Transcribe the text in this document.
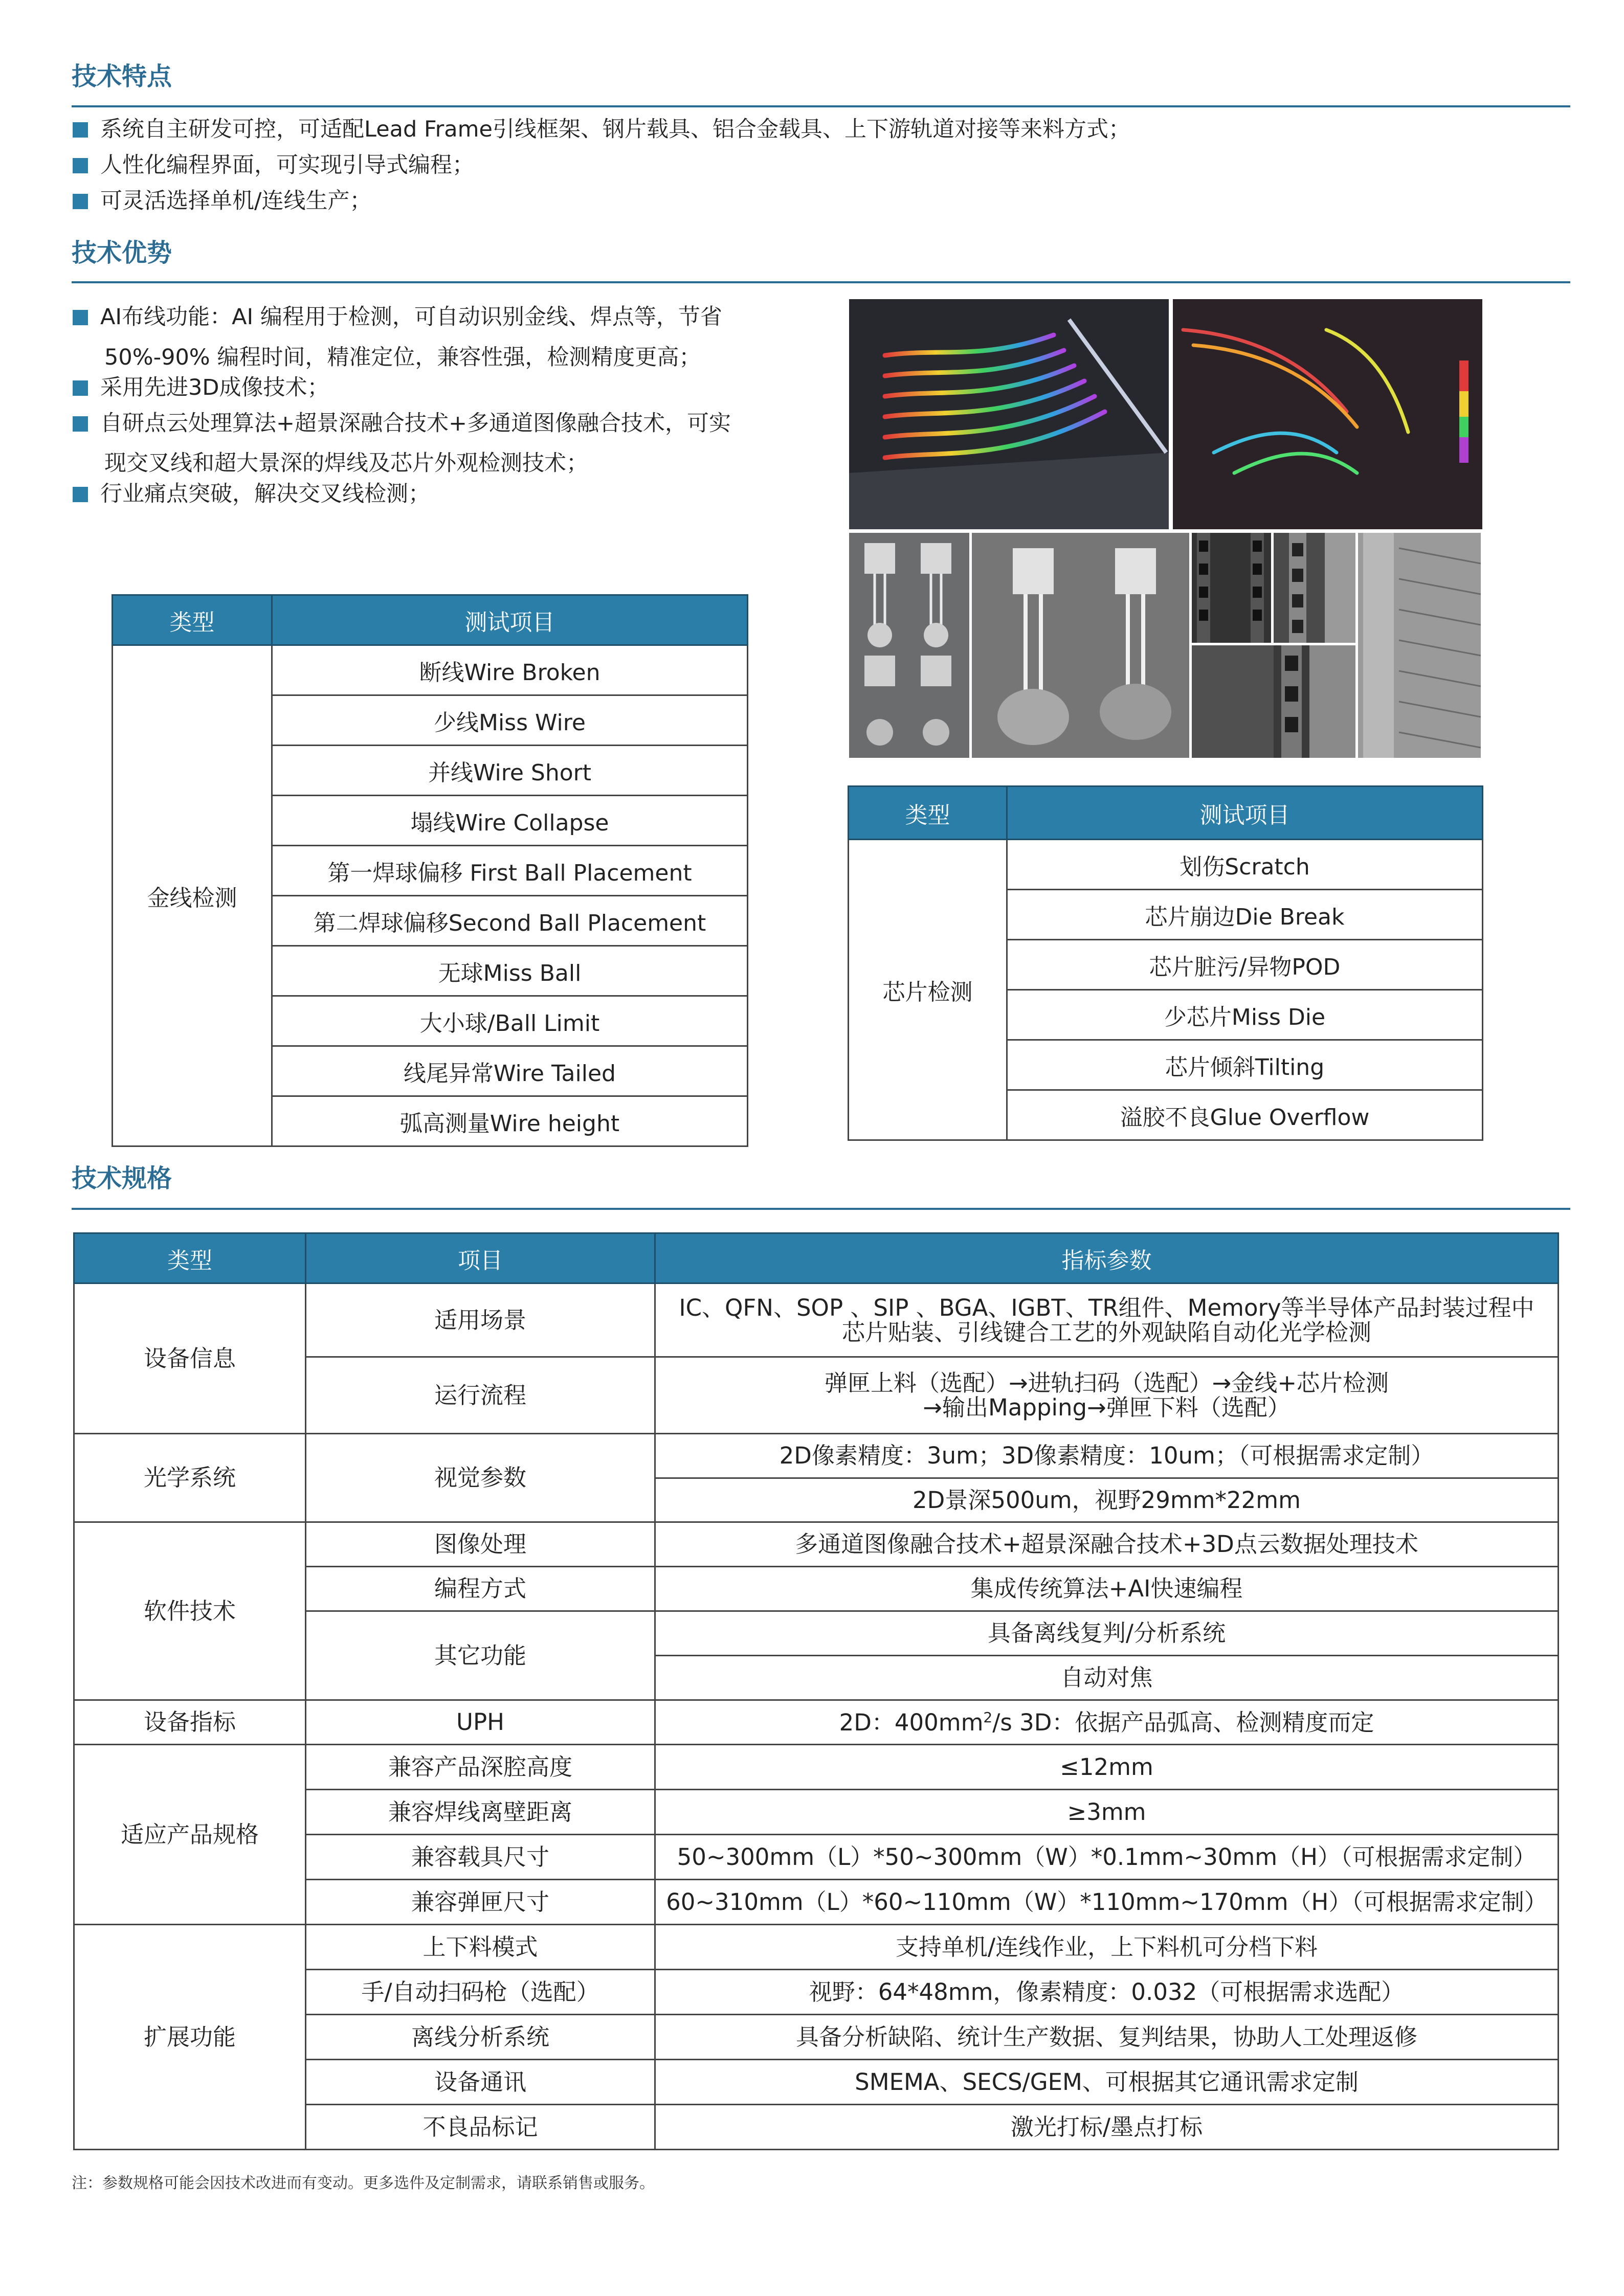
技术特点
系统自主研发可控，可适配Lead Frame引线框架、钢片载具、铝合金载具、上下游轨道对接等来料方式；
人性化编程界面，可实现引导式编程；
可灵活选择单机/连线生产；
技术优势
AI布线功能：AI 编程用于检测，可自动识别金线、焊点等，节省
50%-90% 编程时间，精准定位，兼容性强，检测精度更高；
采用先进3D成像技术；
自研点云处理算法+超景深融合技术+多通道图像融合技术，可实
现交叉线和超大景深的焊线及芯片外观检测技术；
行业痛点突破，解决交叉线检测；
类型	测试项目
金线检测	断线Wire Broken
	少线Miss Wire
	并线Wire Short
	塌线Wire Collapse
	第一焊球偏移 First Ball Placement
	第二焊球偏移Second Ball Placement
	无球Miss Ball
	大小球/Ball Limit
	线尾异常Wire Tailed
	弧高测量Wire height
类型	测试项目
芯片检测	划伤Scratch
	芯片崩边Die Break
	芯片脏污/异物POD
	少芯片Miss Die
	芯片倾斜Tilting
	溢胶不良Glue Overflow
技术规格
类型	项目	指标参数
设备信息	适用场景	IC、QFN、SOP 、SIP 、BGA、IGBT、TR组件、Memory等半导体产品封装过程中
芯片贴装、引线键合工艺的外观缺陷自动化光学检测

	运行流程	弹匣上料（选配）→进轨扫码（选配）→金线+芯片检测
→输出Mapping→弹匣下料（选配）

光学系统	视觉参数	2D像素精度：3um；3D像素精度：10um；（可根据需求定制）
		2D景深500um，视野29mm*22mm
软件技术	图像处理	多通道图像融合技术+超景深融合技术+3D点云数据处理技术
	编程方式	集成传统算法+AI快速编程
	其它功能	具备离线复判/分析系统
		自动对焦
设备指标	UPH	2D：$400mm^2/s$ 3D：依据产品弧高、检测精度而定
适应产品规格	兼容产品深腔高度	≤12mm
	兼容焊线离壁距离	≥3mm
	兼容载具尺寸	50~300mm（L）*50~300mm（W）*0.1mm~30mm（H）（可根据需求定制）
	兼容弹匣尺寸	60~310mm（L）*60~110mm（W）*110mm~170mm（H）（可根据需求定制）
扩展功能	上下料模式	支持单机/连线作业，上下料机可分档下料
	手/自动扫码枪（选配）	视野：64*48mm，像素精度：0.032（可根据需求选配）
	离线分析系统	具备分析缺陷、统计生产数据、复判结果，协助人工处理返修
	设备通讯	SMEMA、SECS/GEM、可根据其它通讯需求定制
	不良品标记	激光打标/墨点打标
注：参数规格可能会因技术改进而有变动。更多选件及定制需求，请联系销售或服务。
